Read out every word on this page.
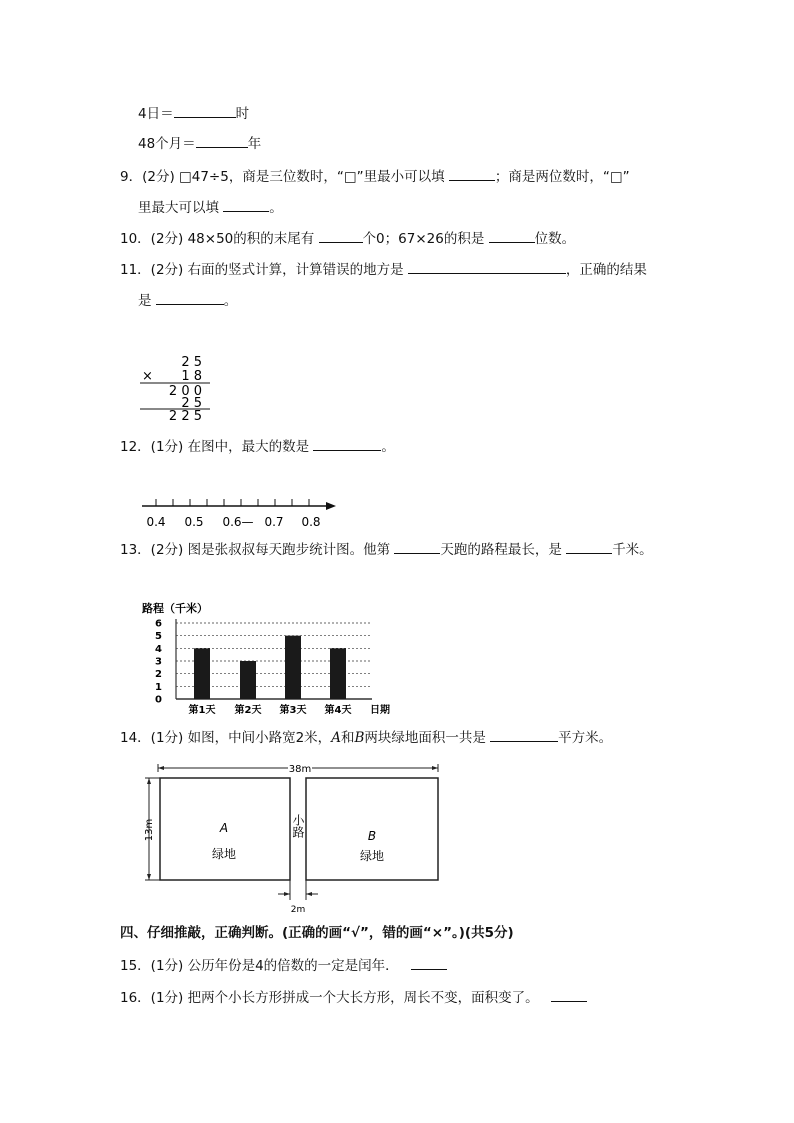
4日＝	时
48个月＝	年
9．(2分) □47÷5，商是三位数时，“□”里最小可以填	；商是两位数时，“□”
里最大可以填	。
10．(2分) 48×50的积的末尾有	个0；67×26的积是	位数。
11．(2分) 右面的竖式计算，计算错误的地方是	，正确的结果
是	。
2 5
× 1 8
2 0 0
2 5
2 2 5
12．(1分) 在图中，最大的数是	。
0.4 0.5 0.6— 0.7 0.8
13．(2分) 图是张叔叔每天跑步统计图。他第	天跑的路程最长，是	千米。
路程（千米）
0
1
2
3
4
5
6
第1天 第2天 第3天 第4天 日期
14．(1分) 如图，中间小路宽2米，A和B两块绿地面积一共是	平方米。
38m
13m	小路
A
绿地
B
绿地
2m
四、仔细推敲，正确判断。(正确的画“√”，错的画“×”。)(共5分)
15．(1分) 公历年份是4的倍数的一定是闰年．
16．(1分) 把两个小长方形拼成一个大长方形，周长不变，面积变了。
